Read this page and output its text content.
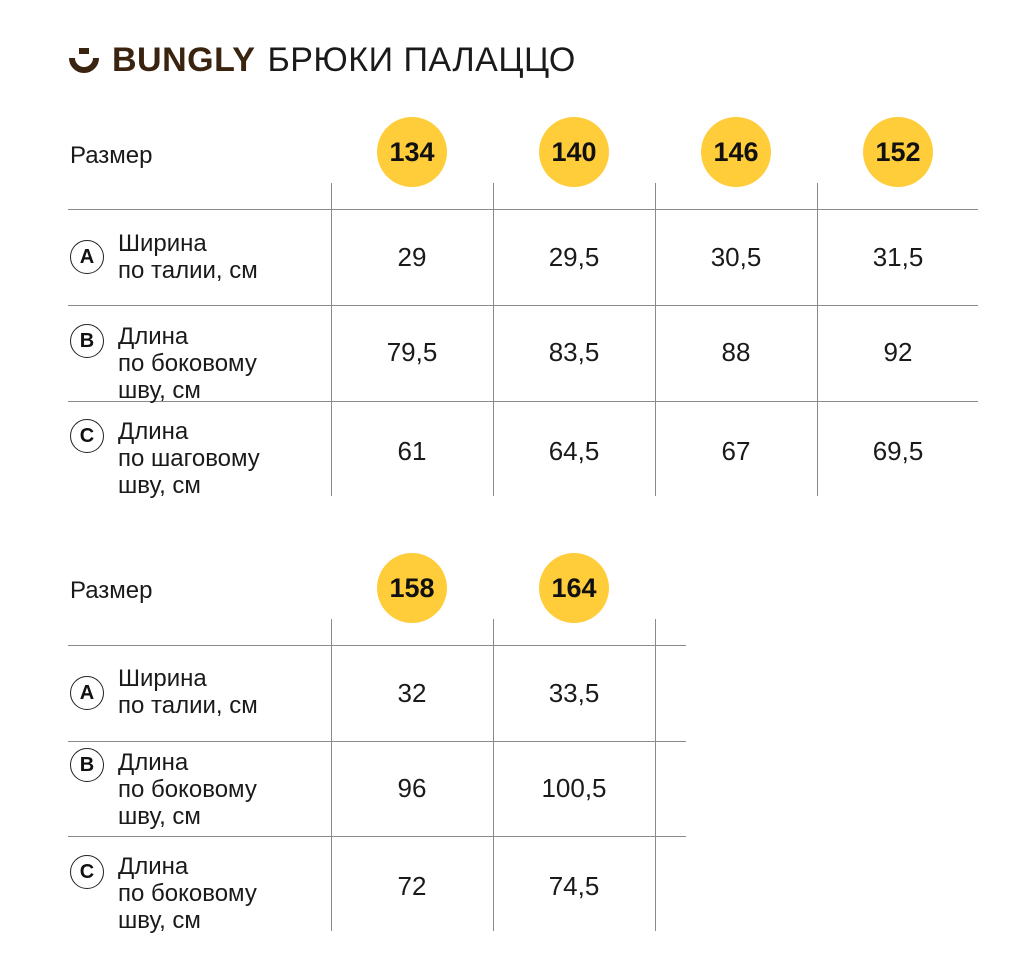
BUNGLY БРЮКИ ПАЛАЦЦО
Размер	134	140	146	152
A Ширина
по талии, см	29	29,5	30,5	31,5
B Длина
по боковому
шву, см
79,5	83,5	88	92
C Длина
по шаговому
шву, см
61	64,5	67	69,5
Размер	158	164
A
Ширина
по талии, см	32	33,5
B Длина
по боковому
шву, см
96	100,5
C Длина
по боковому
шву, см
72	74,5
